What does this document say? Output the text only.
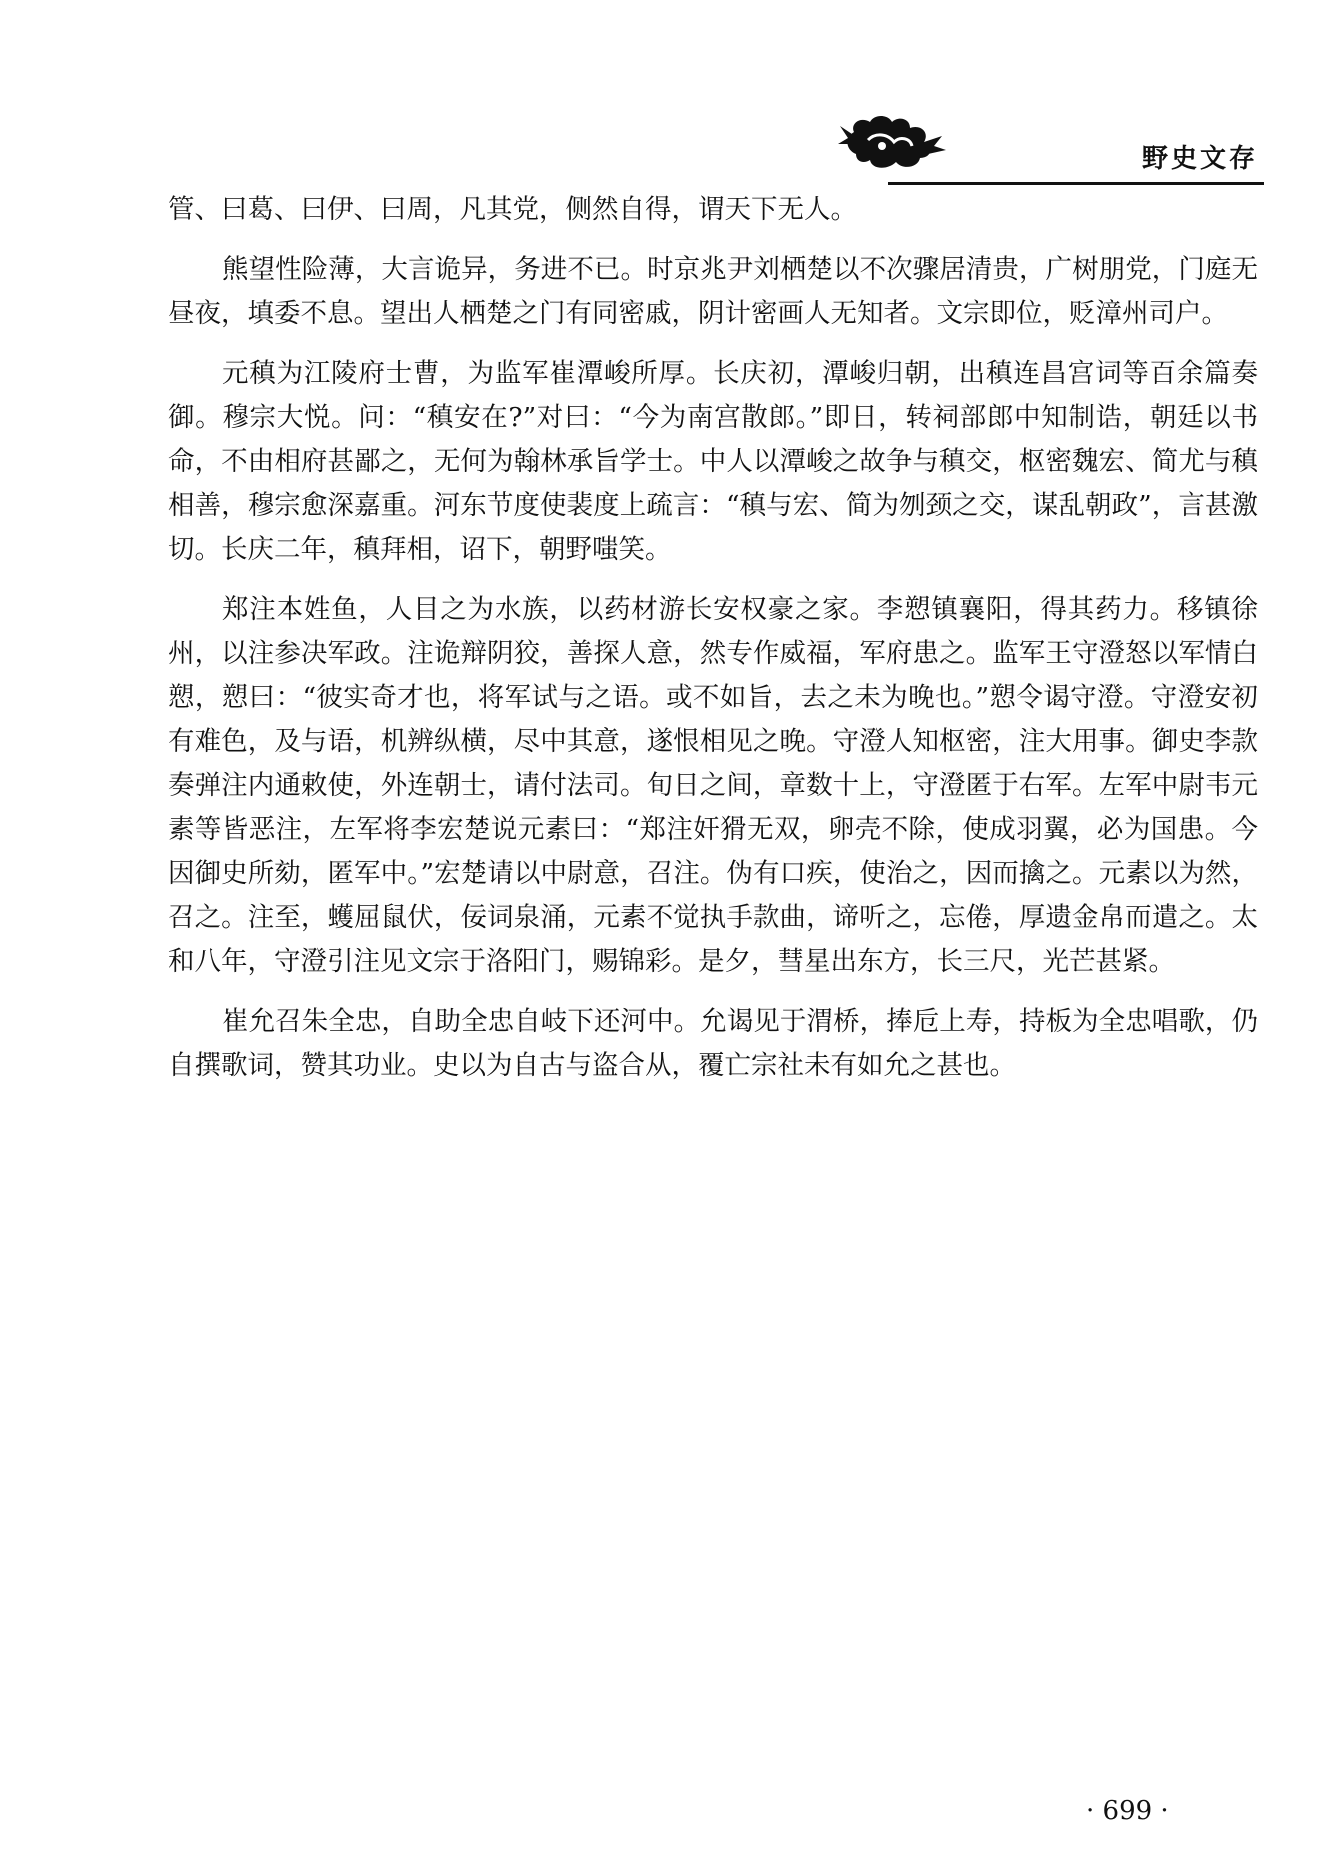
野史文存

管、曰葛、曰伊、曰周，凡其党，侧然自得，谓天下无人。

熊望性险薄，大言诡异，务进不已。时京兆尹刘栖楚以不次骤居清贵，广树朋党，门庭无昼夜，填委不息。望出人栖楚之门有同密戚，阴计密画人无知者。文宗即位，贬漳州司户。

元稹为江陵府士曹，为监军崔潭峻所厚。长庆初，潭峻归朝，出稹连昌宫词等百余篇奏御。穆宗大悦。问：“稹安在?”对曰：“今为南宫散郎。”即日，转祠部郎中知制诰，朝廷以书命，不由相府甚鄙之，无何为翰林承旨学士。中人以潭峻之故争与稹交，枢密魏宏、简尤与稹相善，穆宗愈深嘉重。河东节度使裴度上疏言：“稹与宏、简为刎颈之交，谋乱朝政”，言甚激切。长庆二年，稹拜相，诏下，朝野嗤笑。

郑注本姓鱼，人目之为水族，以药材游长安权豪之家。李愬镇襄阳，得其药力。移镇徐州，以注参决军政。注诡辩阴狡，善探人意，然专作威福，军府患之。监军王守澄怒以军情白愬，愬曰：“彼实奇才也，将军试与之语。或不如旨，去之未为晚也。”愬令谒守澄。守澄安初有难色，及与语，机辨纵横，尽中其意，遂恨相见之晚。守澄人知枢密，注大用事。御史李款奏弹注内通敕使，外连朝士，请付法司。旬日之间，章数十上，守澄匿于右军。左军中尉韦元素等皆恶注，左军将李宏楚说元素曰：“郑注奸猾无双，卵壳不除，使成羽翼，必为国患。今因御史所劾，匿军中。”宏楚请以中尉意，召注。伪有口疾，使治之，因而擒之。元素以为然，召之。注至，蠖屈鼠伏，佞词泉涌，元素不觉执手款曲，谛听之，忘倦，厚遗金帛而遣之。太和八年，守澄引注见文宗于洛阳门，赐锦彩。是夕，彗星出东方，长三尺，光芒甚紧。

崔允召朱全忠，自助全忠自岐下还河中。允谒见于渭桥，捧卮上寿，持板为全忠唱歌，仍自撰歌词，赞其功业。史以为自古与盗合从，覆亡宗社未有如允之甚也。

· 699 ·
